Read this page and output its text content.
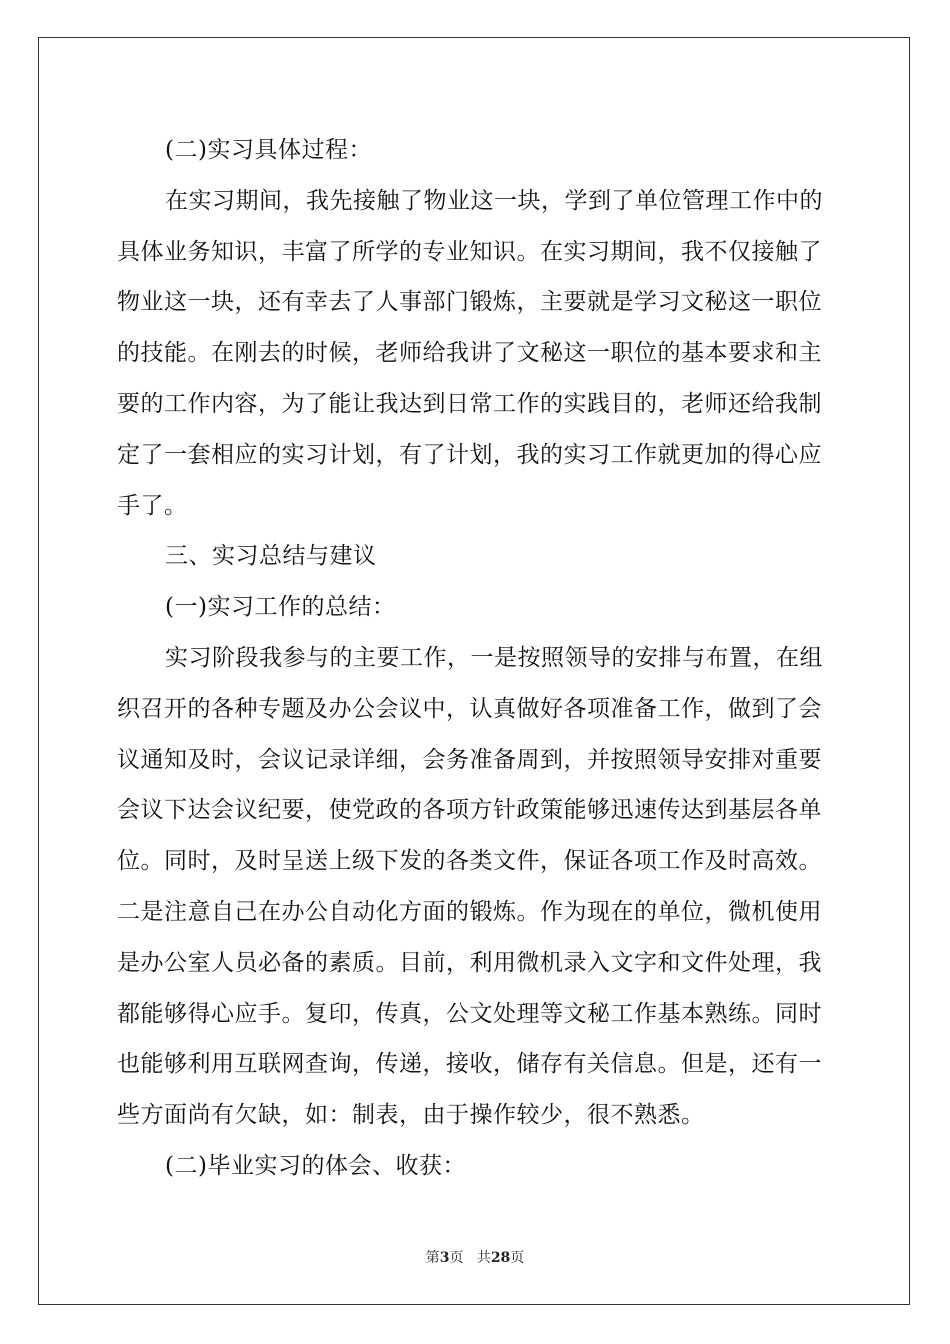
(二)实习具体过程：
在实习期间，我先接触了物业这一块，学到了单位管理工作中的
具体业务知识，丰富了所学的专业知识。在实习期间，我不仅接触了
物业这一块，还有幸去了人事部门锻炼，主要就是学习文秘这一职位
的技能。在刚去的时候，老师给我讲了文秘这一职位的基本要求和主
要的工作内容，为了能让我达到日常工作的实践目的，老师还给我制
定了一套相应的实习计划，有了计划，我的实习工作就更加的得心应
手了。
三、实习总结与建议
(一)实习工作的总结：
实习阶段我参与的主要工作，一是按照领导的安排与布置，在组
织召开的各种专题及办公会议中，认真做好各项准备工作，做到了会
议通知及时，会议记录详细，会务准备周到，并按照领导安排对重要
会议下达会议纪要，使党政的各项方针政策能够迅速传达到基层各单
位。同时，及时呈送上级下发的各类文件，保证各项工作及时高效。
二是注意自己在办公自动化方面的锻炼。作为现在的单位，微机使用
是办公室人员必备的素质。目前，利用微机录入文字和文件处理，我
都能够得心应手。复印，传真，公文处理等文秘工作基本熟练。同时
也能够利用互联网查询，传递，接收，储存有关信息。但是，还有一
些方面尚有欠缺，如：制表，由于操作较少，很不熟悉。
(二)毕业实习的体会、收获：
第3页 共28页
